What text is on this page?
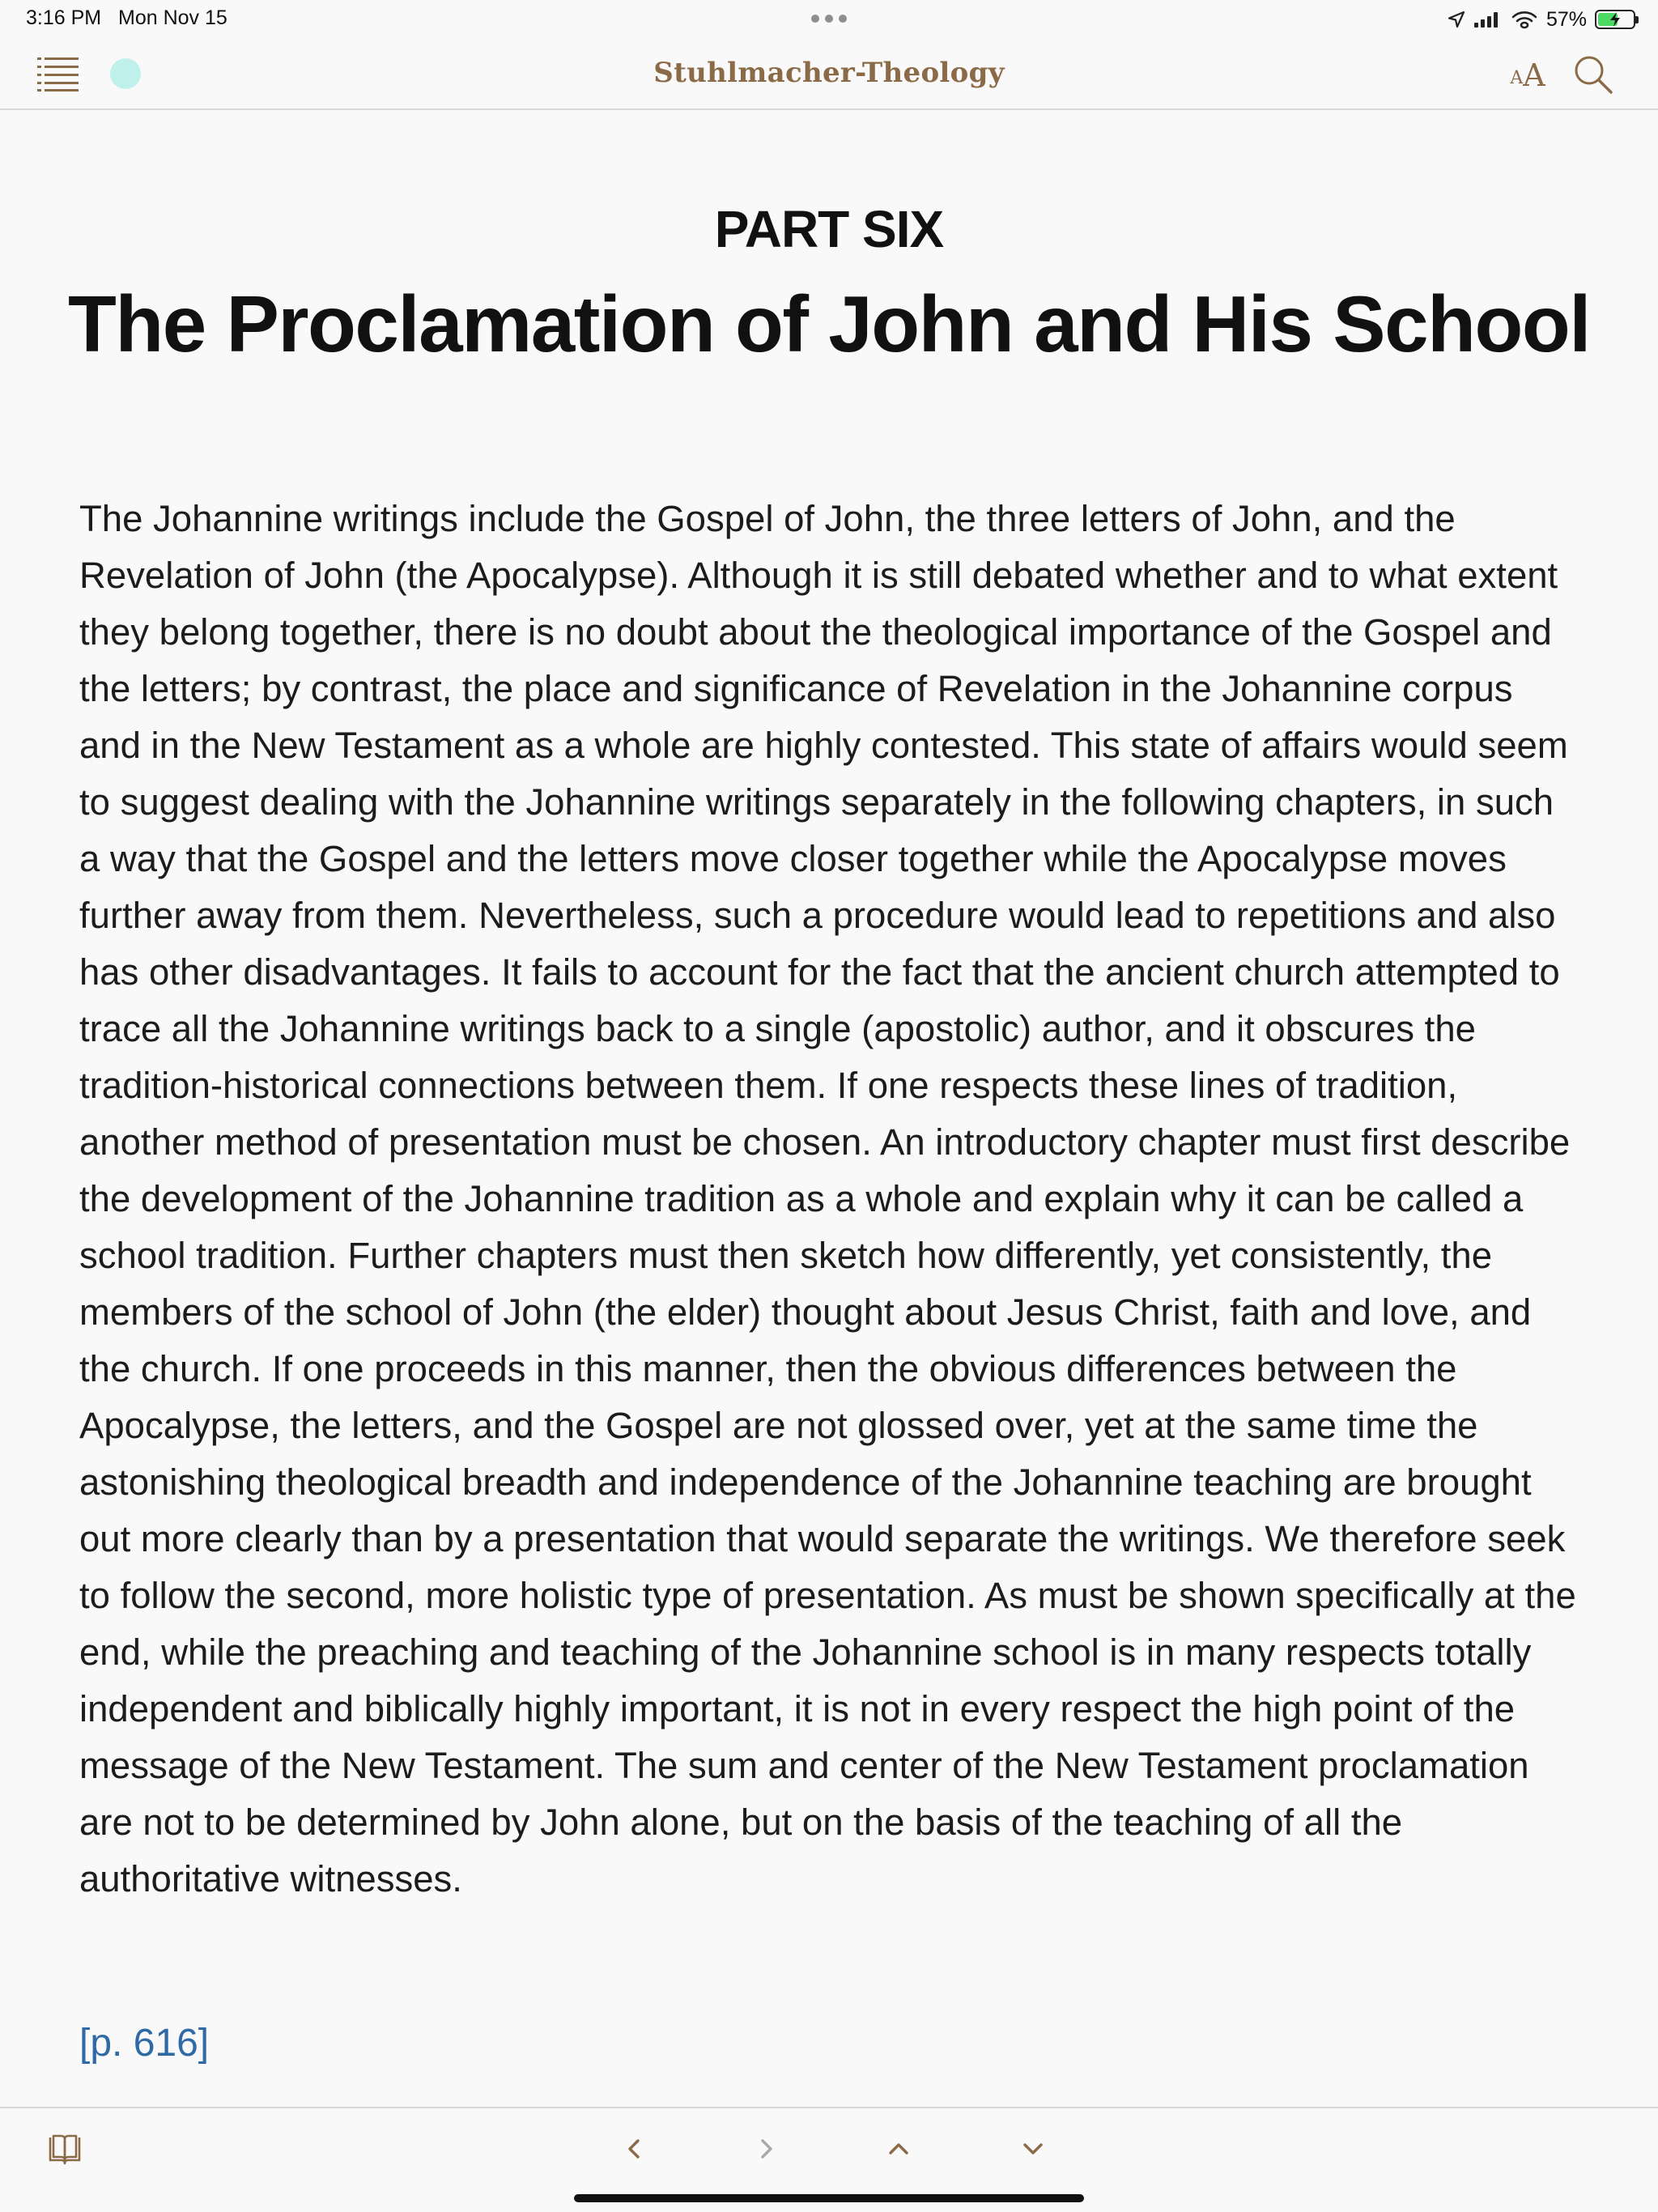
3:16 PM Mon Nov 15	57%
Stuhlmacher-Theology	A A
PART SIX
The Proclamation of John and His School

The Johannine writings include the Gospel of John, the three letters of John, and the Revelation of John (the Apocalypse). Although it is still debated whether and to what extent they belong together, there is no doubt about the theological importance of the Gospel and the letters; by contrast, the place and significance of Revelation in the Johannine corpus and in the New Testament as a whole are highly contested. This state of affairs would seem to suggest dealing with the Johannine writings separately in the following chapters, in such a way that the Gospel and the letters move closer together while the Apocalypse moves further away from them. Nevertheless, such a procedure would lead to repetitions and also has other disadvantages. It fails to account for the fact that the ancient church attempted to trace all the Johannine writings back to a single (apostolic) author, and it obscures the tradition-historical connections between them. If one respects these lines of tradition, another method of presentation must be chosen. An introductory chapter must first describe the development of the Johannine tradition as a whole and explain why it can be called a school tradition. Further chapters must then sketch how differently, yet consistently, the members of the school of John (the elder) thought about Jesus Christ, faith and love, and the church. If one proceeds in this manner, then the obvious differences between the Apocalypse, the letters, and the Gospel are not glossed over, yet at the same time the astonishing theological breadth and independence of the Johannine teaching are brought out more clearly than by a presentation that would separate the writings. We therefore seek to follow the second, more holistic type of presentation. As must be shown specifically at the end, while the preaching and teaching of the Johannine school is in many respects totally independent and biblically highly important, it is not in every respect the high point of the message of the New Testament. The sum and center of the New Testament proclamation are not to be determined by John alone, but on the basis of the teaching of all the authoritative witnesses.

[p. 616]
